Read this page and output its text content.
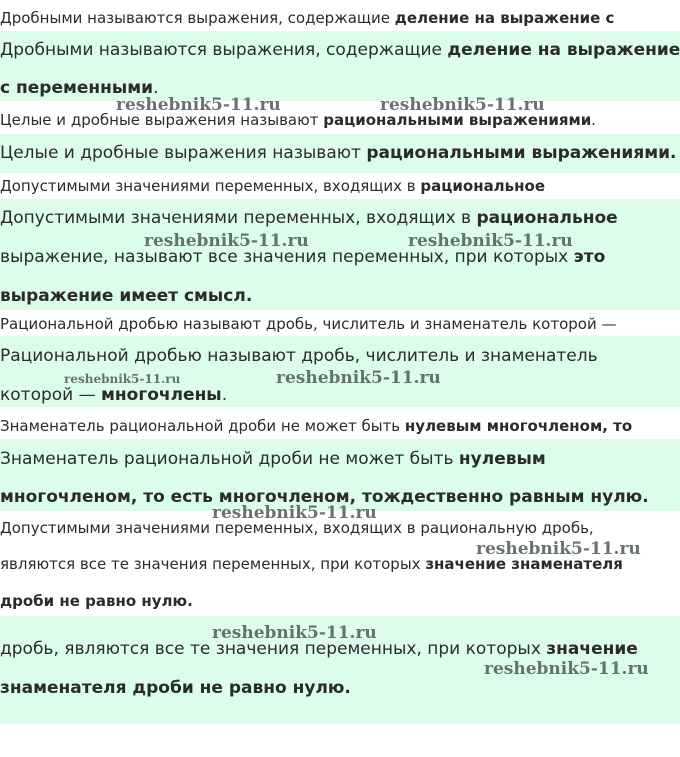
Дробными называются выражения, содержащие деление на выражение с

Дробными называются выражения, содержащие деление на выражение

с переменными.

Целые и дробные выражения называют рациональными выражениями.

Целые и дробные выражения называют рациональными выражениями.

Допустимыми значениями переменных, входящих в рациональное

Допустимыми значениями переменных, входящих в рациональное

выражение, называют все значения переменных, при которых это

выражение имеет смысл.

Рациональной дробью называют дробь, числитель и знаменатель которой —

Рациональной дробью называют дробь, числитель и знаменатель

которой — многочлены.

Знаменатель рациональной дроби не может быть нулевым многочленом, то

Знаменатель рациональной дроби не может быть нулевым

многочленом, то есть многочленом, тождественно равным нулю.

Допустимыми значениями переменных, входящих в рациональную дробь,

являются все те значения переменных, при которых значение знаменателя

дроби не равно нулю.

дробь, являются все те значения переменных, при которых значение

знаменателя дроби не равно нулю.

reshebnik5-11.ru	reshebnik5-11.ru
reshebnik5-11.ru	reshebnik5-11.ru
reshebnik5-11.ru	reshebnik5-11.ru
reshebnik5-11.ru
reshebnik5-11.ru
reshebnik5-11.ru
reshebnik5-11.ru
